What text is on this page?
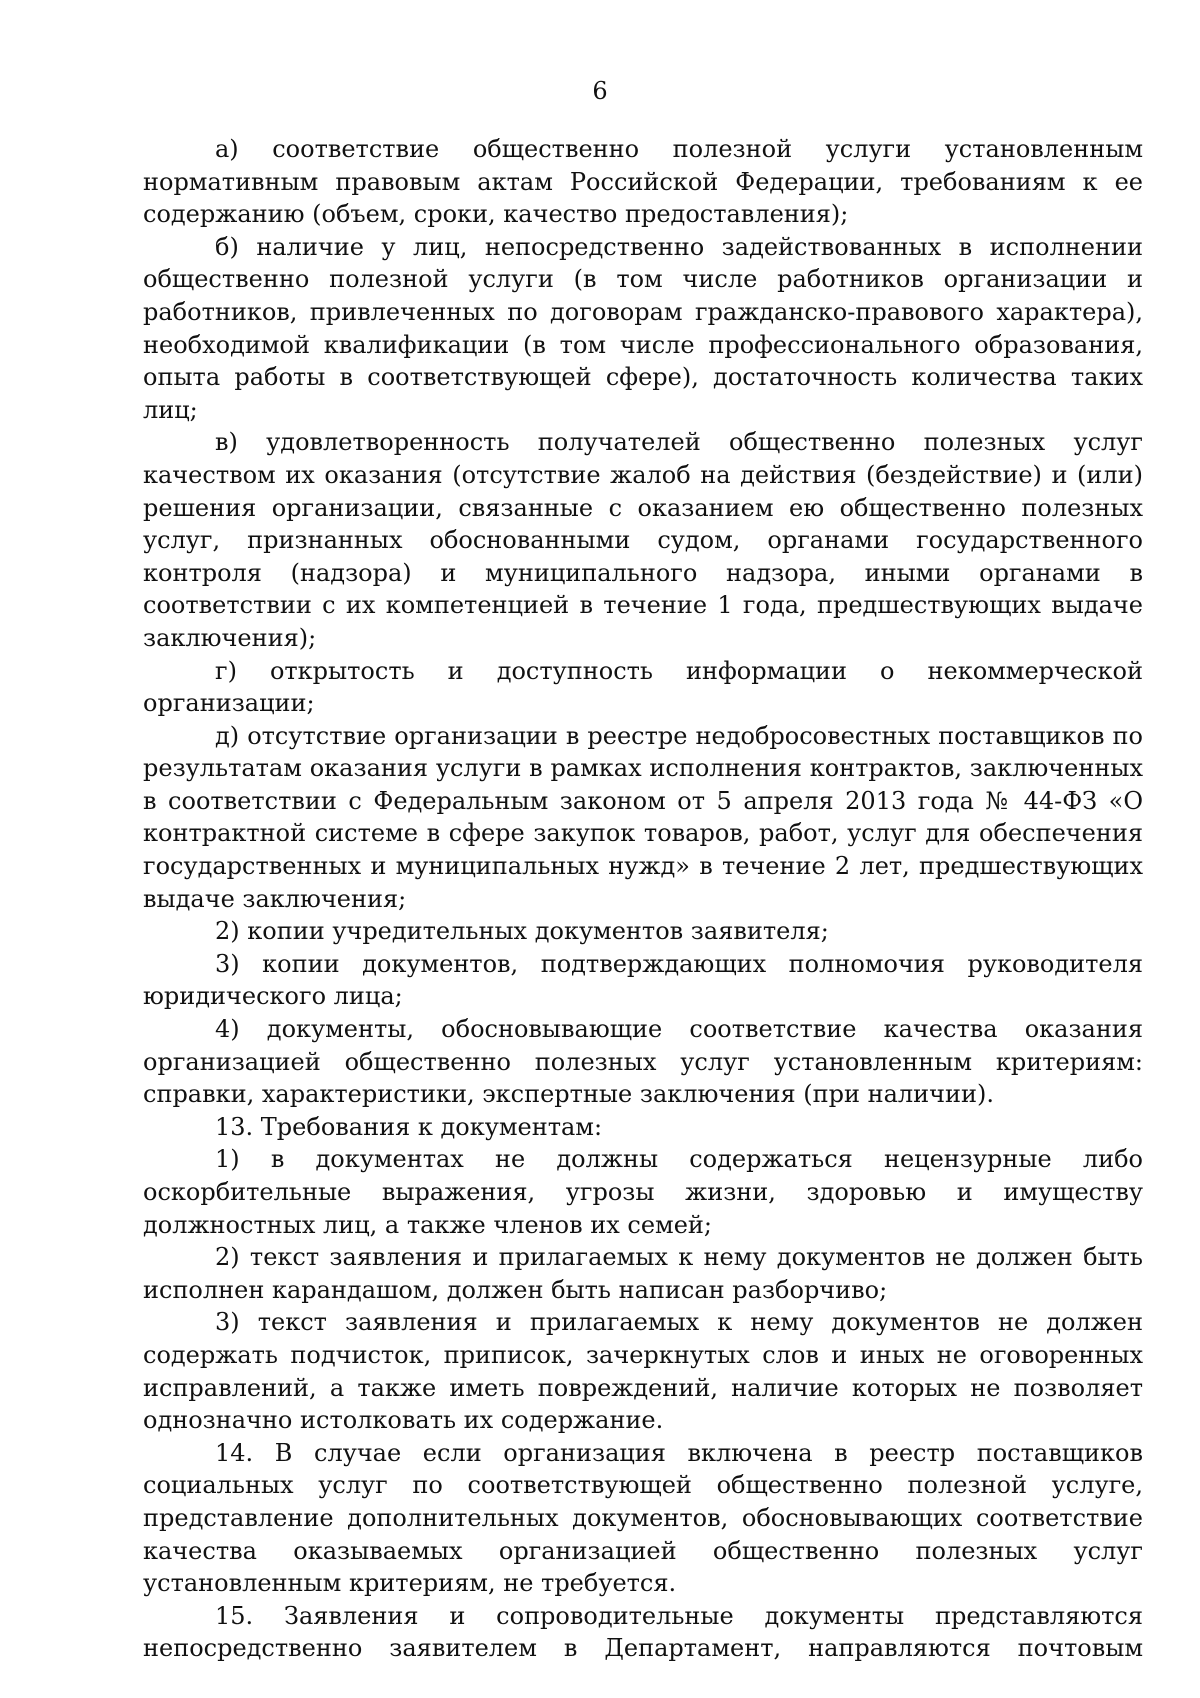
6

а) соответствие общественно полезной услуги установленным нормативным правовым актам Российской Федерации, требованиям к ее содержанию (объем, сроки, качество предоставления);

б) наличие у лиц, непосредственно задействованных в исполнении общественно полезной услуги (в том числе работников организации и работников, привлеченных по договорам гражданско-правового характера), необходимой квалификации (в том числе профессионального образования, опыта работы в соответствующей сфере), достаточность количества таких лиц;

в) удовлетворенность получателей общественно полезных услуг качеством их оказания (отсутствие жалоб на действия (бездействие) и (или) решения организации, связанные с оказанием ею общественно полезных услуг, признанных обоснованными судом, органами государственного контроля (надзора) и муниципального надзора, иными органами в соответствии с их компетенцией в течение 1 года, предшествующих выдаче заключения);

г) открытость и доступность информации о некоммерческой организации;

д) отсутствие организации в реестре недобросовестных поставщиков по результатам оказания услуги в рамках исполнения контрактов, заключенных в соответствии с Федеральным законом от 5 апреля 2013 года № 44-ФЗ «О контрактной системе в сфере закупок товаров, работ, услуг для обеспечения государственных и муниципальных нужд» в течение 2 лет, предшествующих выдаче заключения;

2) копии учредительных документов заявителя;

3) копии документов, подтверждающих полномочия руководителя юридического лица;

4) документы, обосновывающие соответствие качества оказания организацией общественно полезных услуг установленным критериям: справки, характеристики, экспертные заключения (при наличии).

13. Требования к документам:

1) в документах не должны содержаться нецензурные либо оскорбительные выражения, угрозы жизни, здоровью и имуществу должностных лиц, а также членов их семей;

2) текст заявления и прилагаемых к нему документов не должен быть исполнен карандашом, должен быть написан разборчиво;

3) текст заявления и прилагаемых к нему документов не должен содержать подчисток, приписок, зачеркнутых слов и иных не оговоренных исправлений, а также иметь повреждений, наличие которых не позволяет однозначно истолковать их содержание.

14. В случае если организация включена в реестр поставщиков социальных услуг по соответствующей общественно полезной услуге, представление дополнительных документов, обосновывающих соответствие качества оказываемых организацией общественно полезных услуг установленным критериям, не требуется.

15. Заявления и сопроводительные документы представляются непосредственно заявителем в Департамент, направляются почтовым
